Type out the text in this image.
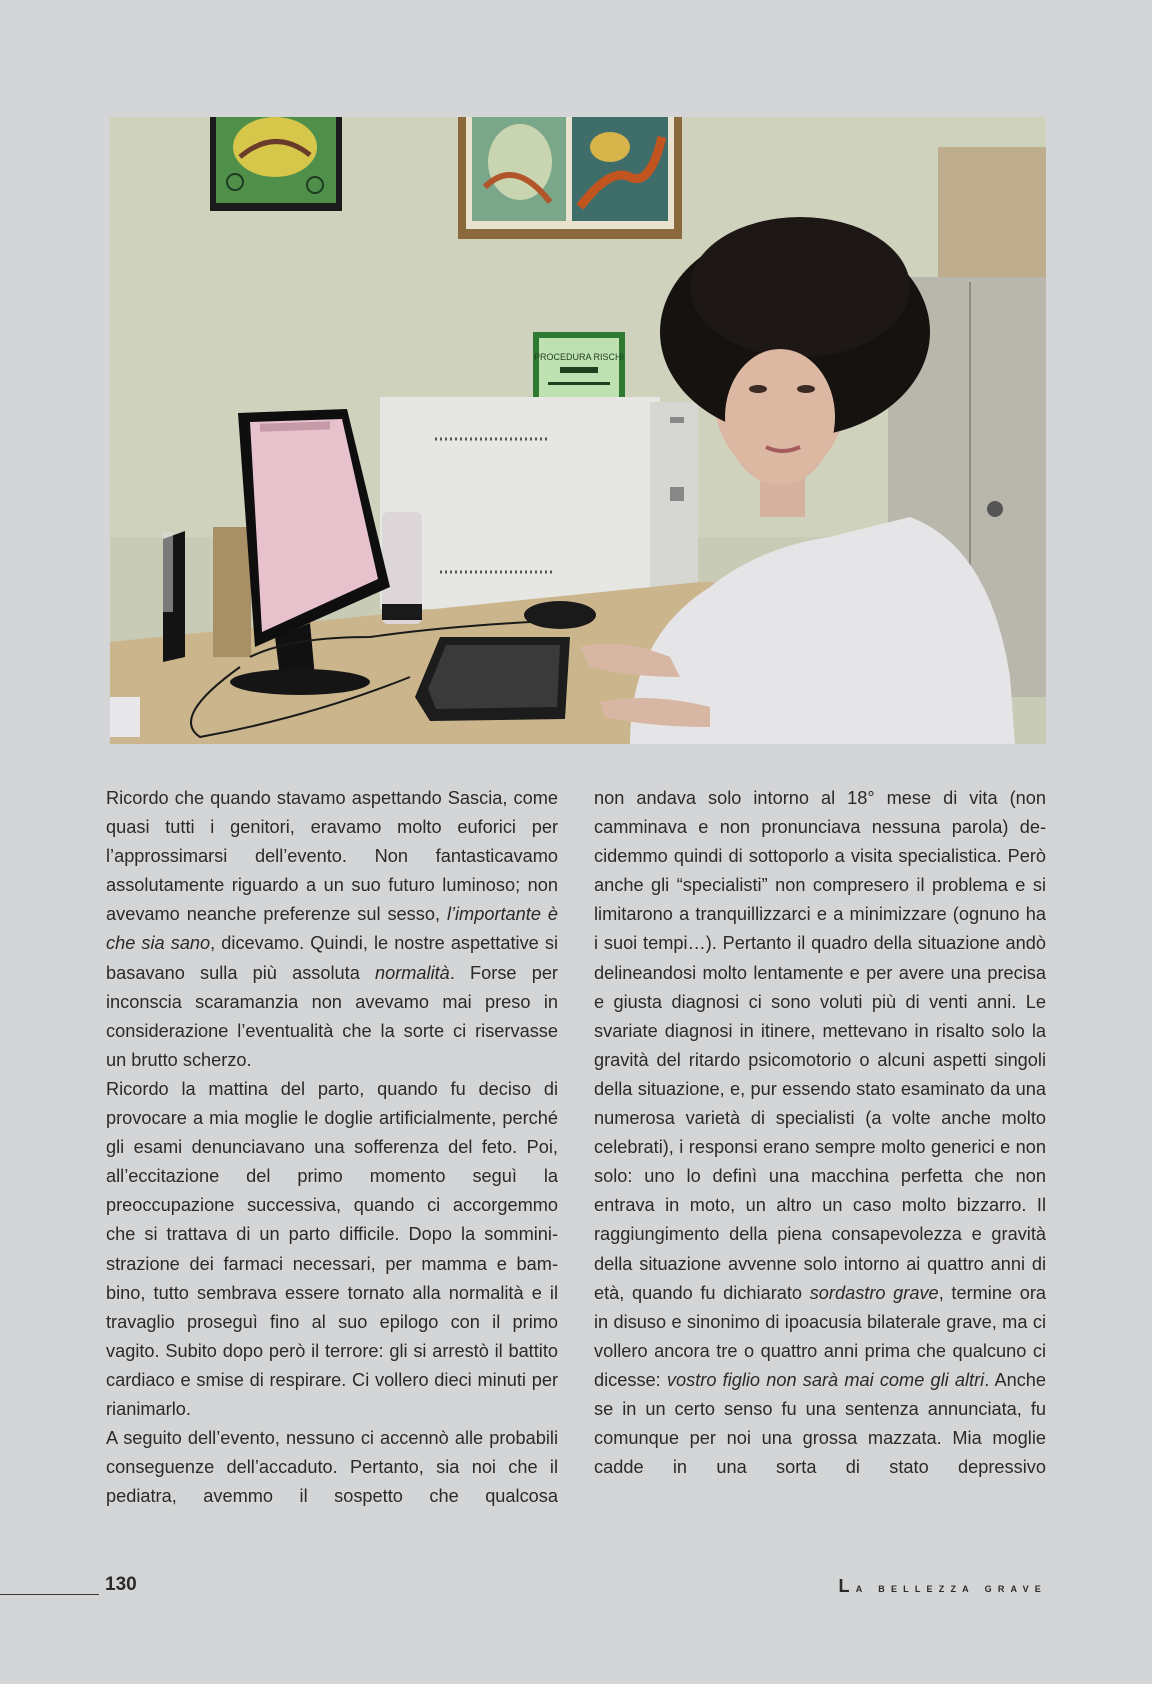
PROCEDURA RISCHI

Ricordo che quando stavamo aspettando Sascia, come quasi tutti i genitori, eravamo molto euforici per l’approssimarsi dell’evento. Non fantasticavamo assolutamente riguardo a un suo futuro luminoso; non avevamo neanche preferenze sul sesso, l’importante è che sia sano, dicevamo. Quindi, le nostre aspettative si basavano sulla più assoluta normalità. Forse per inconscia scaramanzia non avevamo mai preso in considerazione l’eventualità che la sorte ci riservasse un brutto scherzo.

Ricordo la mattina del parto, quando fu deciso di provocare a mia moglie le doglie artificialmente, perché gli esami denunciavano una sofferenza del feto. Poi, all’eccitazione del primo momento seguì la preoccupazione successiva, quando ci accorgemmo che si trattava di un parto difficile. Dopo la somministrazione dei farmaci necessari, per mamma e bambino, tutto sembrava essere tornato alla normalità e il travaglio proseguì fino al suo epilogo con il primo vagito. Subito dopo però il terrore: gli si arrestò il battito cardiaco e smise di respirare. Ci vollero dieci minuti per rianimarlo.

A seguito dell’evento, nessuno ci accennò alle probabili conseguenze dell’accaduto. Pertanto, sia noi che il pediatra, avemmo il sospetto che qualcosa

non andava solo intorno al 18° mese di vita (non camminava e non pronunciava nessuna parola) decidemmo quindi di sottoporlo a visita specialistica. Però anche gli “specialisti” non compresero il problema e si limitarono a tranquillizzarci e a minimizzare (ognuno ha i suoi tempi…). Pertanto il quadro della situazione andò delineandosi molto lentamente e per avere una precisa e giusta diagnosi ci sono voluti più di venti anni. Le svariate diagnosi in itinere, mettevano in risalto solo la gravità del ritardo psicomotorio o alcuni aspetti singoli della situazione, e, pur essendo stato esaminato da una numerosa varietà di specialisti (a volte anche molto celebrati), i responsi erano sempre molto generici e non solo: uno lo definì una macchina perfetta che non entrava in moto, un altro un caso molto bizzarro. Il raggiungimento della piena consapevolezza e gravità della situazione avvenne solo intorno ai quattro anni di età, quando fu dichiarato sordastro grave, termine ora in disuso e sinonimo di ipoacusia bilaterale grave, ma ci vollero ancora tre o quattro anni prima che qualcuno ci dicesse: vostro figlio non sarà mai come gli altri. Anche se in un certo senso fu una sentenza annunciata, fu comunque per noi una grossa mazzata. Mia moglie cadde in una sorta di stato depressivo

130	La bellezza grave
